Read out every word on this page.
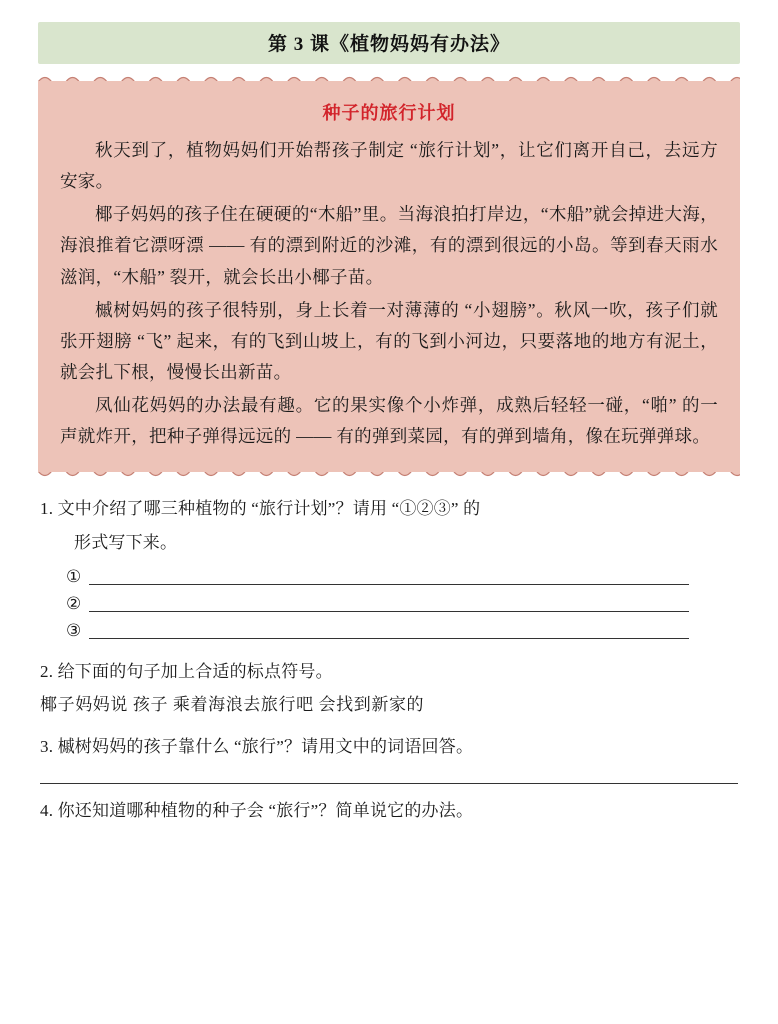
第 3 课《植物妈妈有办法》
种子的旅行计划

秋天到了，植物妈妈们开始帮孩子制定 “旅行计划”，让它们离开自己，去远方安家。

椰子妈妈的孩子住在硬硬的“木船”里。当海浪拍打岸边，“木船”就会掉进大海，海浪推着它漂呀漂 —— 有的漂到附近的沙滩，有的漂到很远的小岛。等到春天雨水滋润，“木船” 裂开，就会长出小椰子苗。

槭树妈妈的孩子很特别，身上长着一对薄薄的 “小翅膀”。秋风一吹，孩子们就张开翅膀 “飞” 起来，有的飞到山坡上，有的飞到小河边，只要落地的地方有泥土，就会扎下根，慢慢长出新苗。

凤仙花妈妈的办法最有趣。它的果实像个小炸弹，成熟后轻轻一碰，“啪” 的一声就炸开，把种子弹得远远的 —— 有的弹到菜园，有的弹到墙角，像在玩弹弹球。

1. 文中介绍了哪三种植物的 “旅行计划”？请用 “①②③” 的

形式写下来。

①
②
③

2. 给下面的句子加上合适的标点符号。

椰子妈妈说 孩子 乘着海浪去旅行吧 会找到新家的

3. 槭树妈妈的孩子靠什么 “旅行”？请用文中的词语回答。

4. 你还知道哪种植物的种子会 “旅行”？简单说它的办法。
